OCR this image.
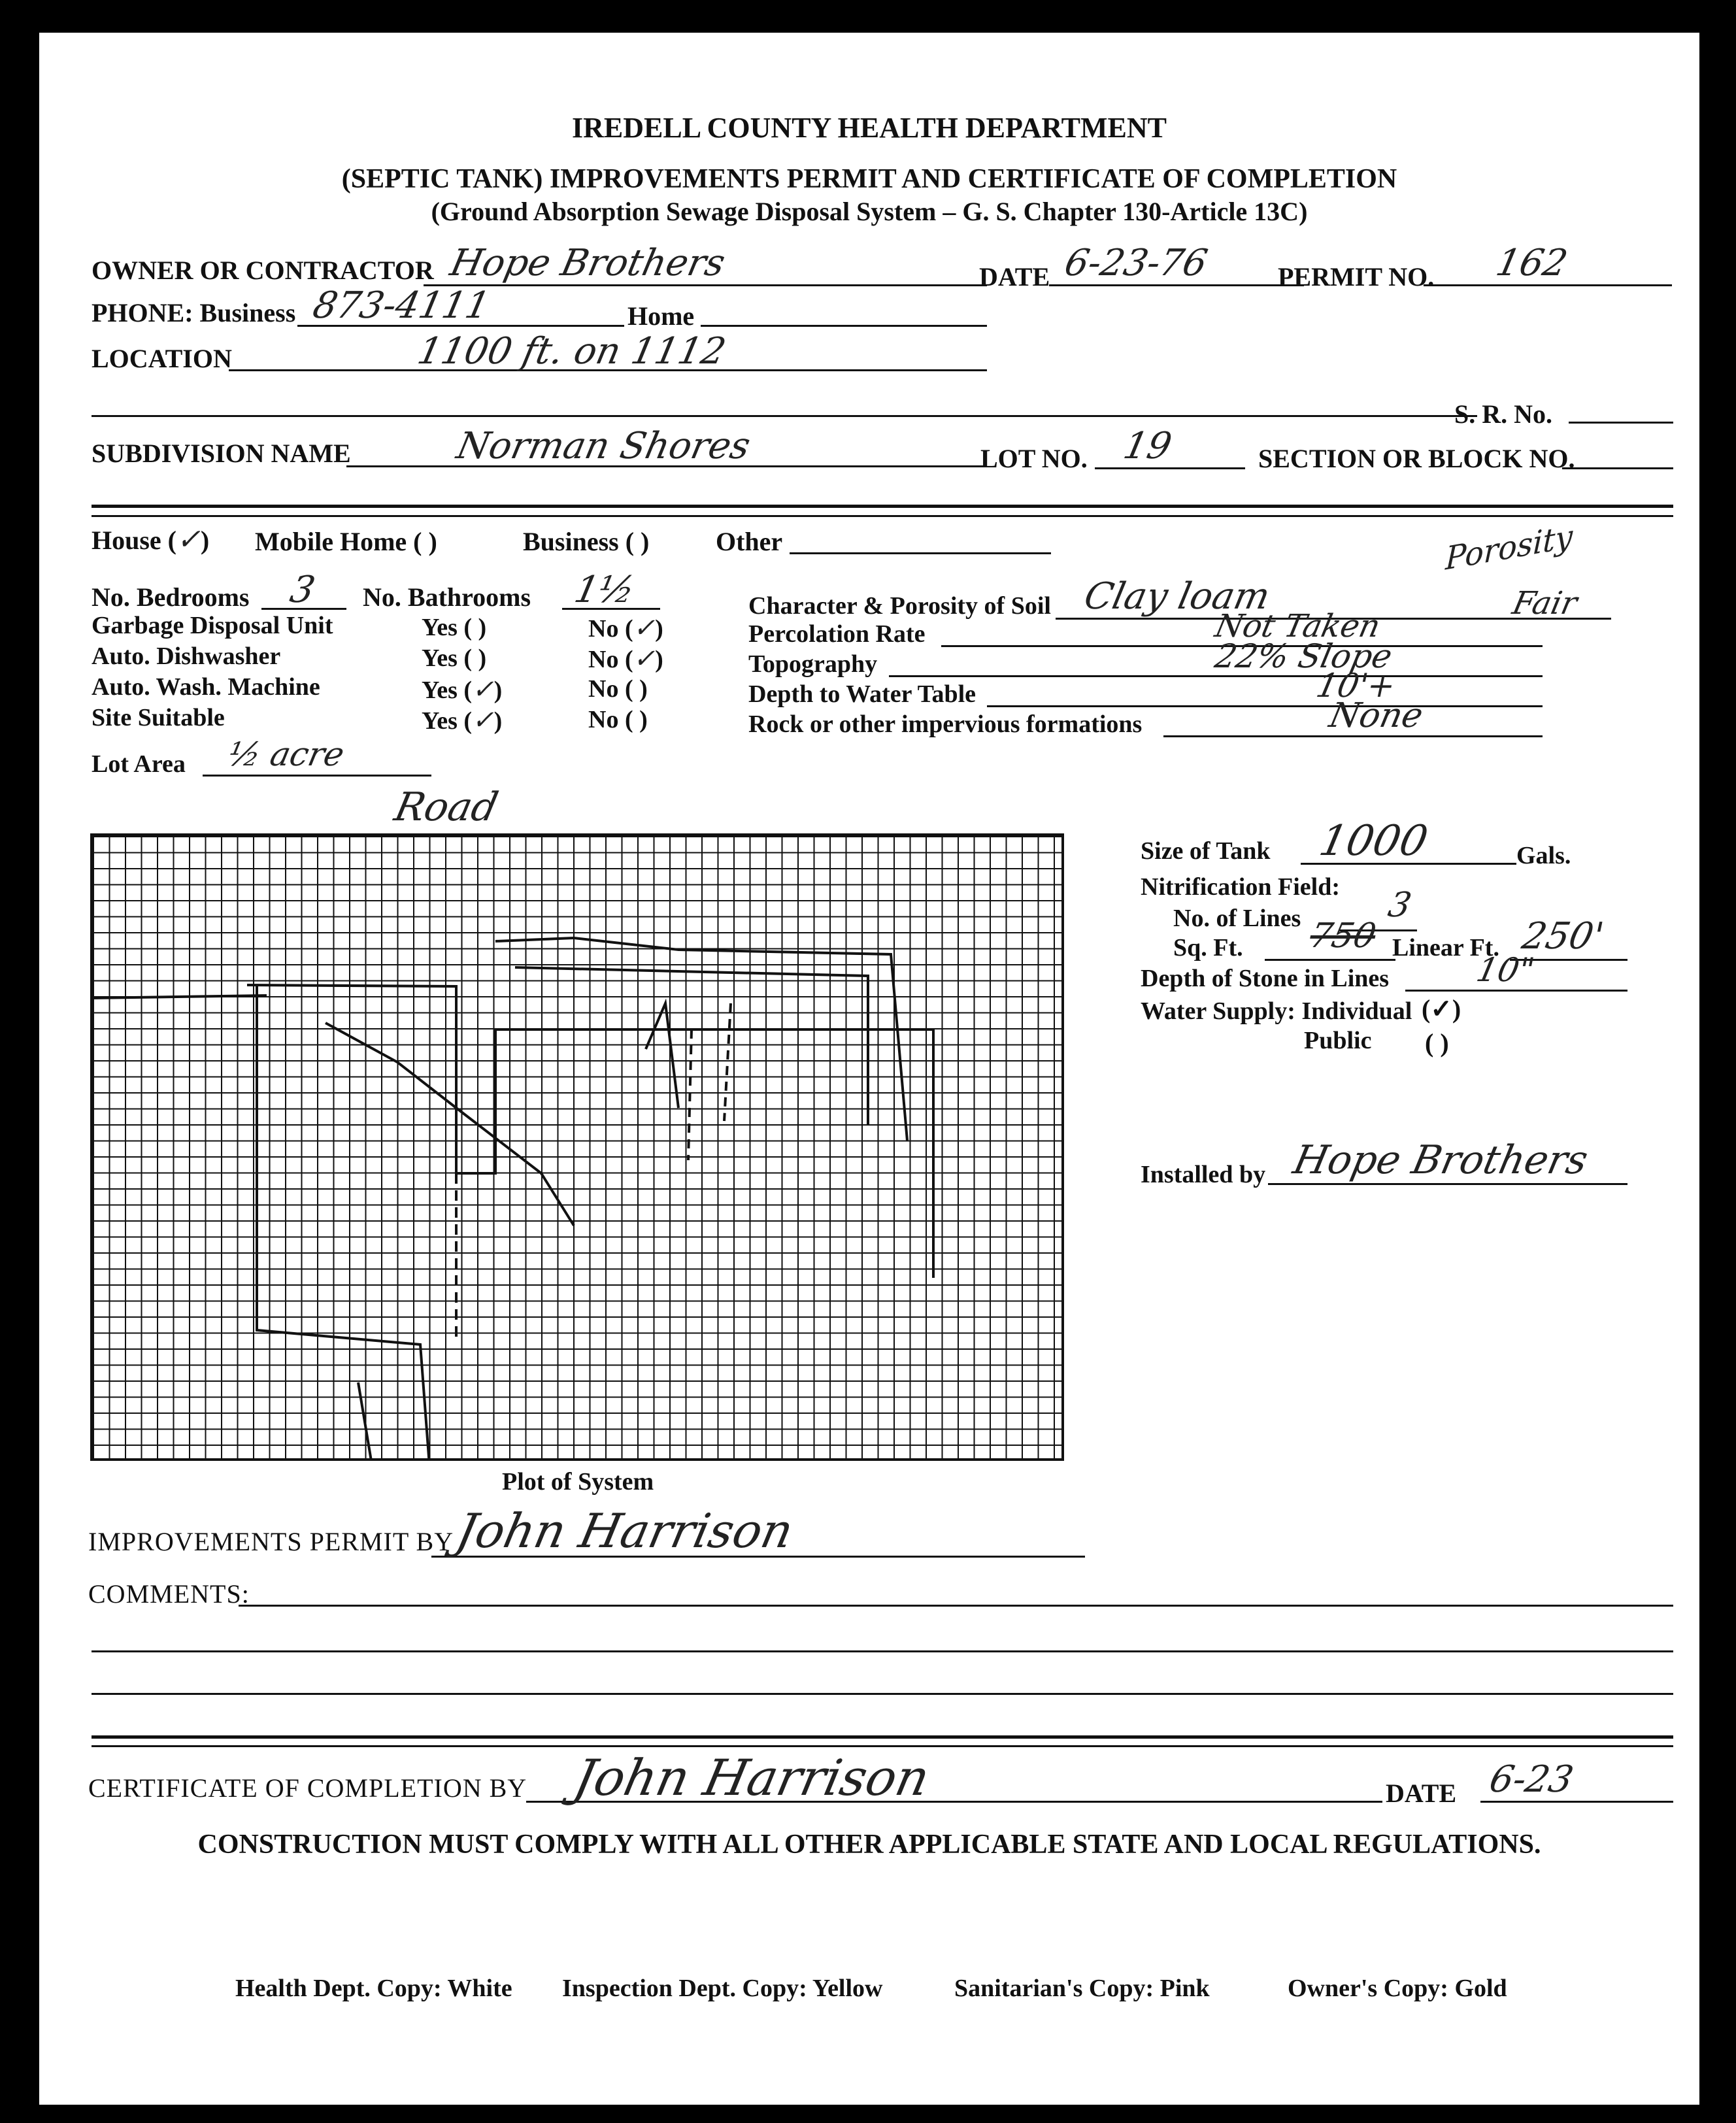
IREDELL COUNTY HEALTH DEPARTMENT
(SEPTIC TANK) IMPROVEMENTS PERMIT AND CERTIFICATE OF COMPLETION
(Ground Absorption Sewage Disposal System – G. S. Chapter 130-Article 13C)
OWNER OR CONTRACTOR Hope Brothers	DATE 6-23-76	PERMIT NO. 162
PHONE: Business 873-4111	Home
LOCATION	1100 ft. on 1112
S. R. No.
SUBDIVISION NAME	Norman Shores	LOT NO. 19	SECTION OR BLOCK NO.
House (✓) Mobile Home ( )	Business ( )	Other	Porosity
No. Bedrooms 3 No. Bathrooms 1½
Garbage Disposal Unit	Yes ( )	No (✓)
Auto. Dishwasher	Yes ( )	No (✓)
Auto. Wash. Machine	Yes (✓)	No ( )
Site Suitable	Yes (✓)	No ( )
Character & Porosity of Soil Clay loam	Fair
Percolation Rate	Not Taken
Topography	22% Slope
Depth to Water Table	10'+
Rock or other impervious formations	None
Lot Area ½ acre
Road
Plot of System
Size of Tank 1000	Gals.
Nitrification Field:
No. of Lines 3
Sq. Ft. 750 Linear Ft. 250'
Depth of Stone in Lines	10"
Water Supply: Individual (✓)
Public ( )
Installed by Hope Brothers
IMPROVEMENTS PERMIT BY
John Harrison
COMMENTS:
CERTIFICATE OF COMPLETION BY John Harrison	DATE 6-23
CONSTRUCTION MUST COMPLY WITH ALL OTHER APPLICABLE STATE AND LOCAL REGULATIONS.
Health Dept. Copy: White Inspection Dept. Copy: Yellow	Sanitarian's Copy: Pink	Owner's Copy: Gold
